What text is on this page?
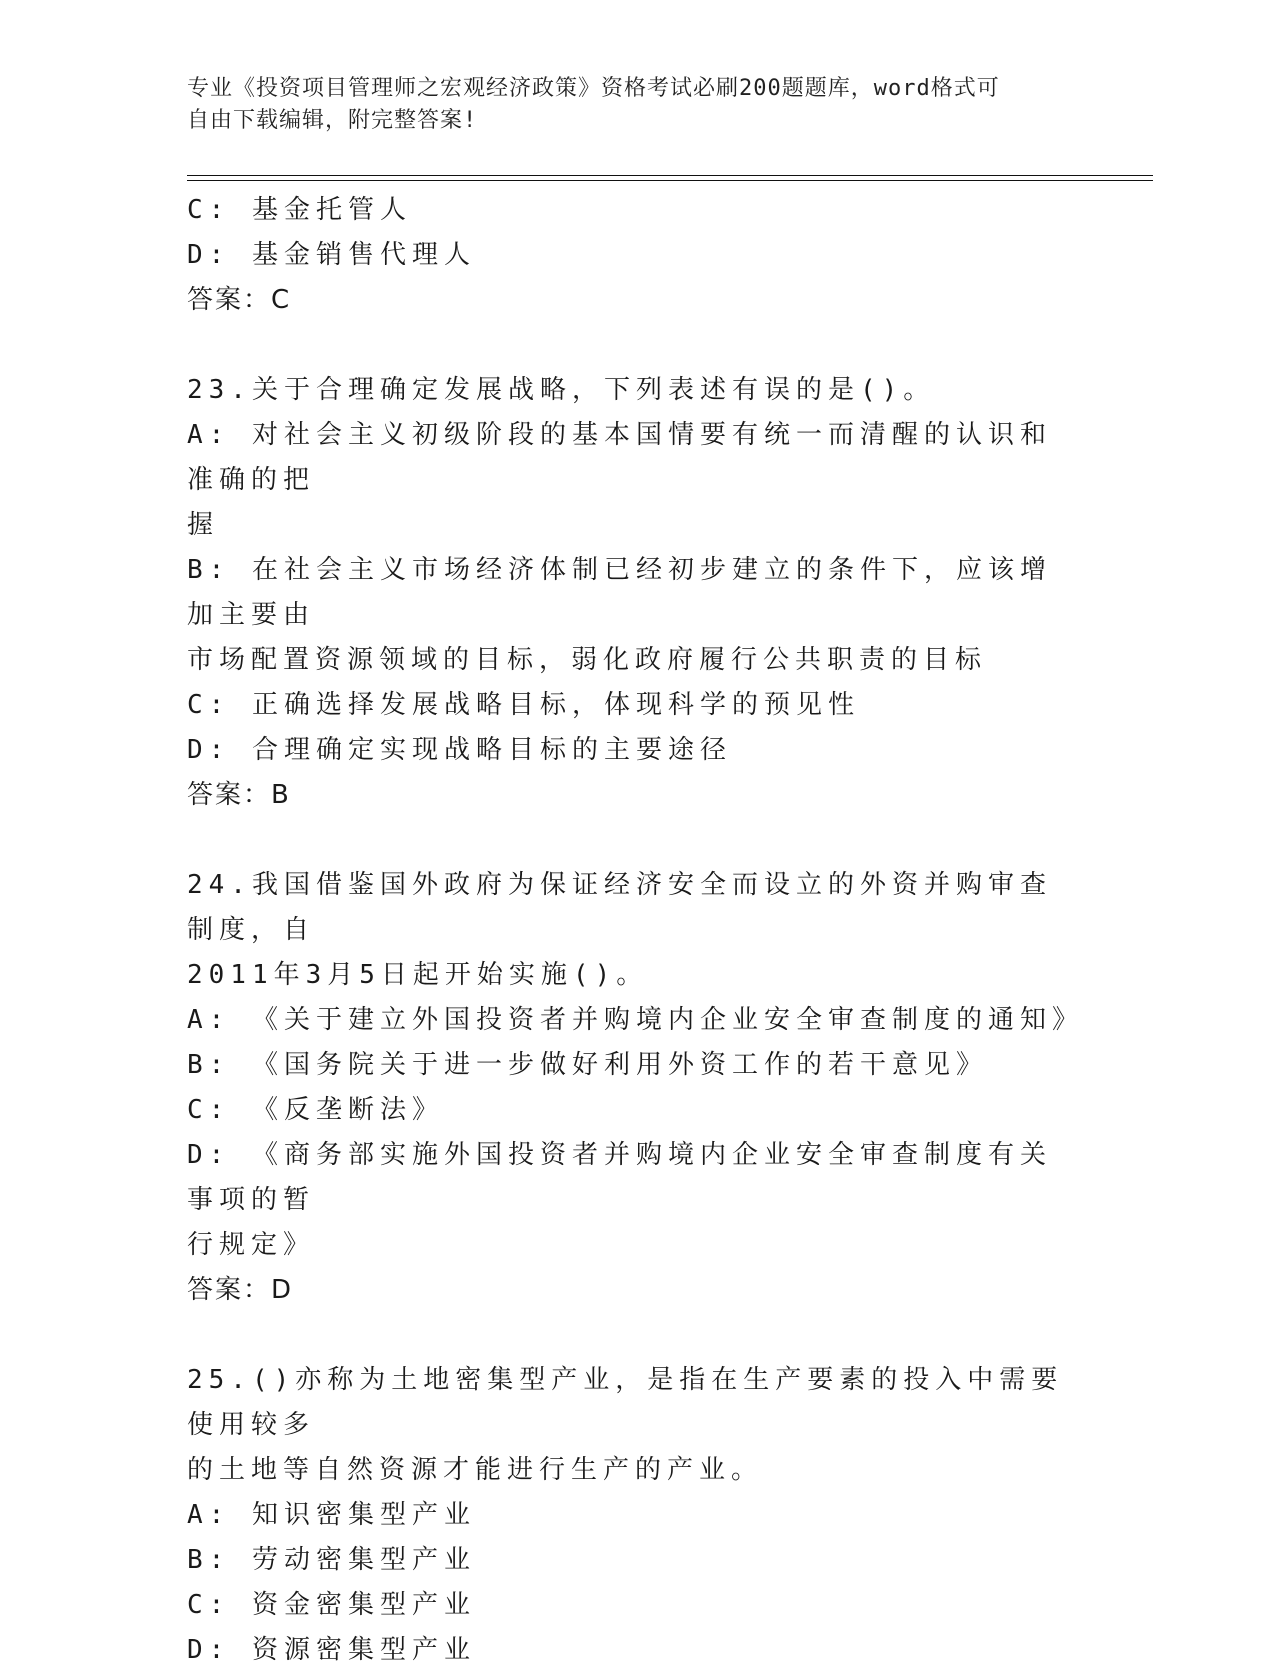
专业《投资项目管理师之宏观经济政策》资格考试必刷200题题库，word格式可
自由下载编辑，附完整答案!

C: 基金托管人

D: 基金销售代理人

答案：C

23.关于合理确定发展战略，下列表述有误的是()。

A: 对社会主义初级阶段的基本国情要有统一而清醒的认识和准确的把

握

B: 在社会主义市场经济体制已经初步建立的条件下，应该增加主要由

市场配置资源领域的目标，弱化政府履行公共职责的目标

C: 正确选择发展战略目标，体现科学的预见性

D: 合理确定实现战略目标的主要途径

答案：B

24.我国借鉴国外政府为保证经济安全而设立的外资并购审查制度，自

2011年3月5日起开始实施()。

A: 《关于建立外国投资者并购境内企业安全审查制度的通知》

B: 《国务院关于进一步做好利用外资工作的若干意见》

C: 《反垄断法》

D: 《商务部实施外国投资者并购境内企业安全审查制度有关事项的暂

行规定》

答案：D

25.()亦称为土地密集型产业，是指在生产要素的投入中需要使用较多

的土地等自然资源才能进行生产的产业。

A: 知识密集型产业

B: 劳动密集型产业

C: 资金密集型产业

D: 资源密集型产业
